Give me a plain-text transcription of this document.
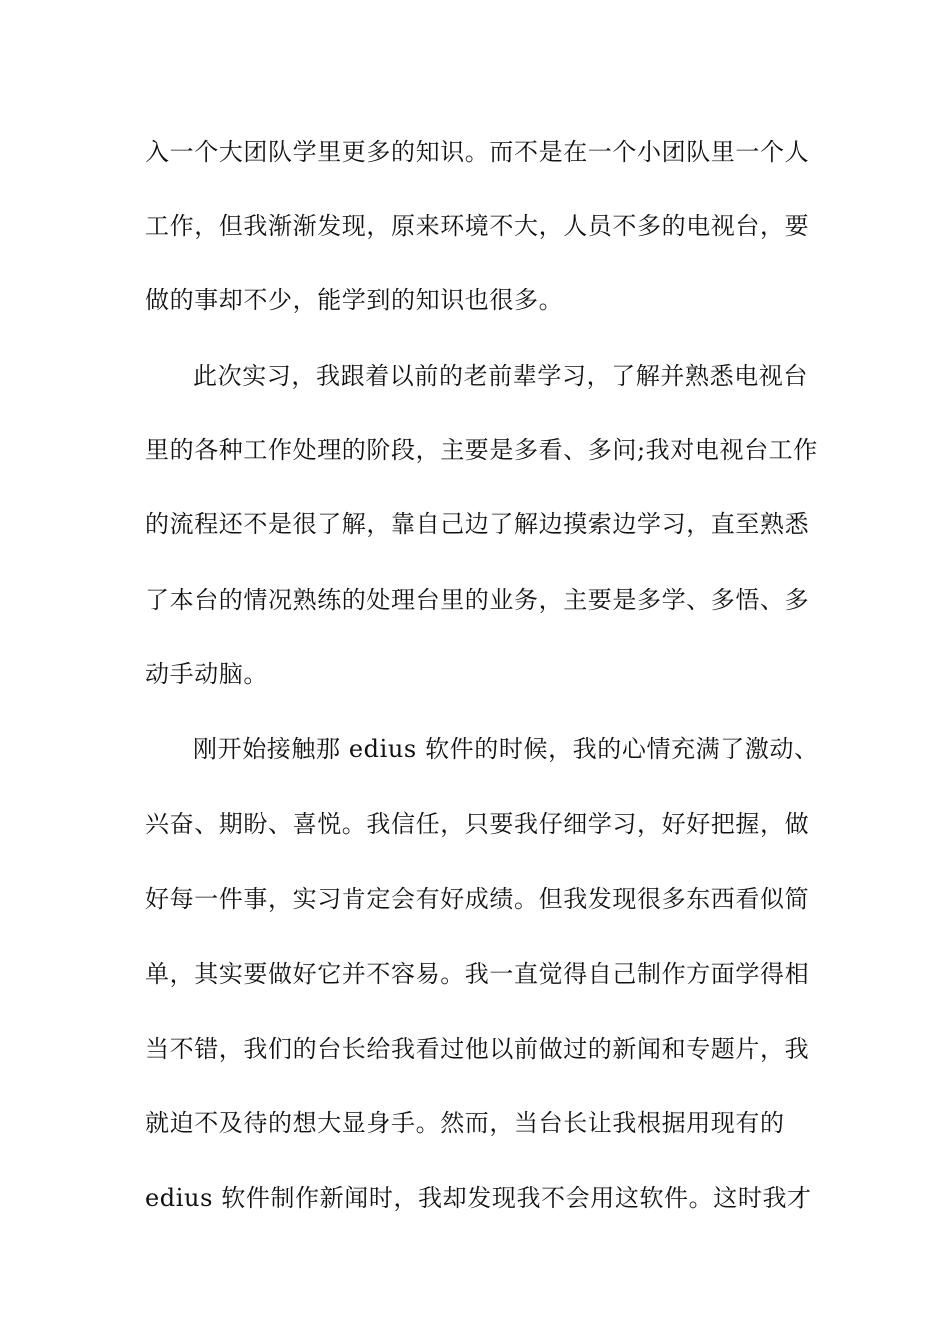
入一个大团队学里更多的知识。而不是在一个小团队里一个人
工作，但我渐渐发现，原来环境不大，人员不多的电视台，要
做的事却不少，能学到的知识也很多。
此次实习，我跟着以前的老前辈学习，了解并熟悉电视台
里的各种工作处理的阶段，主要是多看、多问;我对电视台工作
的流程还不是很了解，靠自己边了解边摸索边学习，直至熟悉
了本台的情况熟练的处理台里的业务，主要是多学、多悟、多
动手动脑。
刚开始接触那 edius 软件的时候，我的心情充满了激动、
兴奋、期盼、喜悦。我信任，只要我仔细学习，好好把握，做
好每一件事，实习肯定会有好成绩。但我发现很多东西看似简
单，其实要做好它并不容易。我一直觉得自己制作方面学得相
当不错，我们的台长给我看过他以前做过的新闻和专题片，我
就迫不及待的想大显身手。然而，当台长让我根据用现有的
edius 软件制作新闻时，我却发现我不会用这软件。这时我才
